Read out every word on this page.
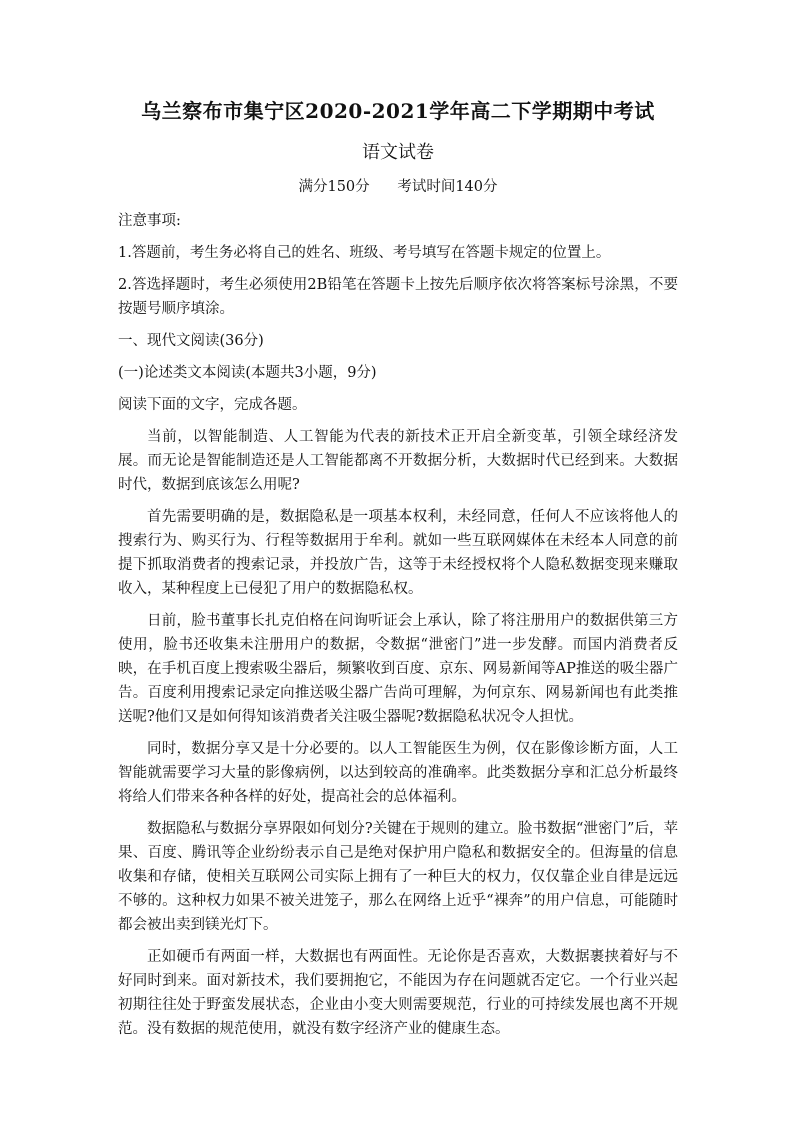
乌兰察布市集宁区2020-2021学年高二下学期期中考试
语文试卷
满分150分      考试时间140分

注意事项:

1.答题前，考生务必将自己的姓名、班级、考号填写在答题卡规定的位置上。

2.答选择题时，考生必须使用2B铅笔在答题卡上按先后顺序依次将答案标号涂黑，不要按题号顺序填涂。

一、现代文阅读(36分)

(一)论述类文本阅读(本题共3小题，9分)

阅读下面的文字，完成各题。

当前，以智能制造、人工智能为代表的新技术正开启全新变革，引领全球经济发展。而无论是智能制造还是人工智能都离不开数据分析，大数据时代已经到来。大数据时代，数据到底该怎么用呢?

首先需要明确的是，数据隐私是一项基本权利，未经同意，任何人不应该将他人的搜索行为、购买行为、行程等数据用于牟利。就如一些互联网媒体在未经本人同意的前提下抓取消费者的搜索记录，并投放广告，这等于未经授权将个人隐私数据变现来赚取收入，某种程度上已侵犯了用户的数据隐私权。

日前，脸书董事长扎克伯格在问询听证会上承认，除了将注册用户的数据供第三方使用，脸书还收集未注册用户的数据，令数据“泄密门”进一步发酵。而国内消费者反映，在手机百度上搜索吸尘器后，频繁收到百度、京东、网易新闻等AP推送的吸尘器广告。百度利用搜索记录定向推送吸尘器广告尚可理解，为何京东、网易新闻也有此类推送呢?他们又是如何得知该消费者关注吸尘器呢?数据隐私状况令人担忧。

同时，数据分享又是十分必要的。以人工智能医生为例，仅在影像诊断方面，人工智能就需要学习大量的影像病例，以达到较高的准确率。此类数据分享和汇总分析最终将给人们带来各种各样的好处，提高社会的总体福利。

数据隐私与数据分享界限如何划分?关键在于规则的建立。脸书数据“泄密门”后，苹果、百度、腾讯等企业纷纷表示自己是绝对保护用户隐私和数据安全的。但海量的信息收集和存储，使相关互联网公司实际上拥有了一种巨大的权力，仅仅靠企业自律是远远不够的。这种权力如果不被关进笼子，那么在网络上近乎“裸奔”的用户信息，可能随时都会被出卖到镁光灯下。

正如硬币有两面一样，大数据也有两面性。无论你是否喜欢，大数据裹挟着好与不好同时到来。面对新技术，我们要拥抱它，不能因为存在问题就否定它。一个行业兴起初期往往处于野蛮发展状态，企业由小变大则需要规范，行业的可持续发展也离不开规范。没有数据的规范使用，就没有数字经济产业的健康生态。
